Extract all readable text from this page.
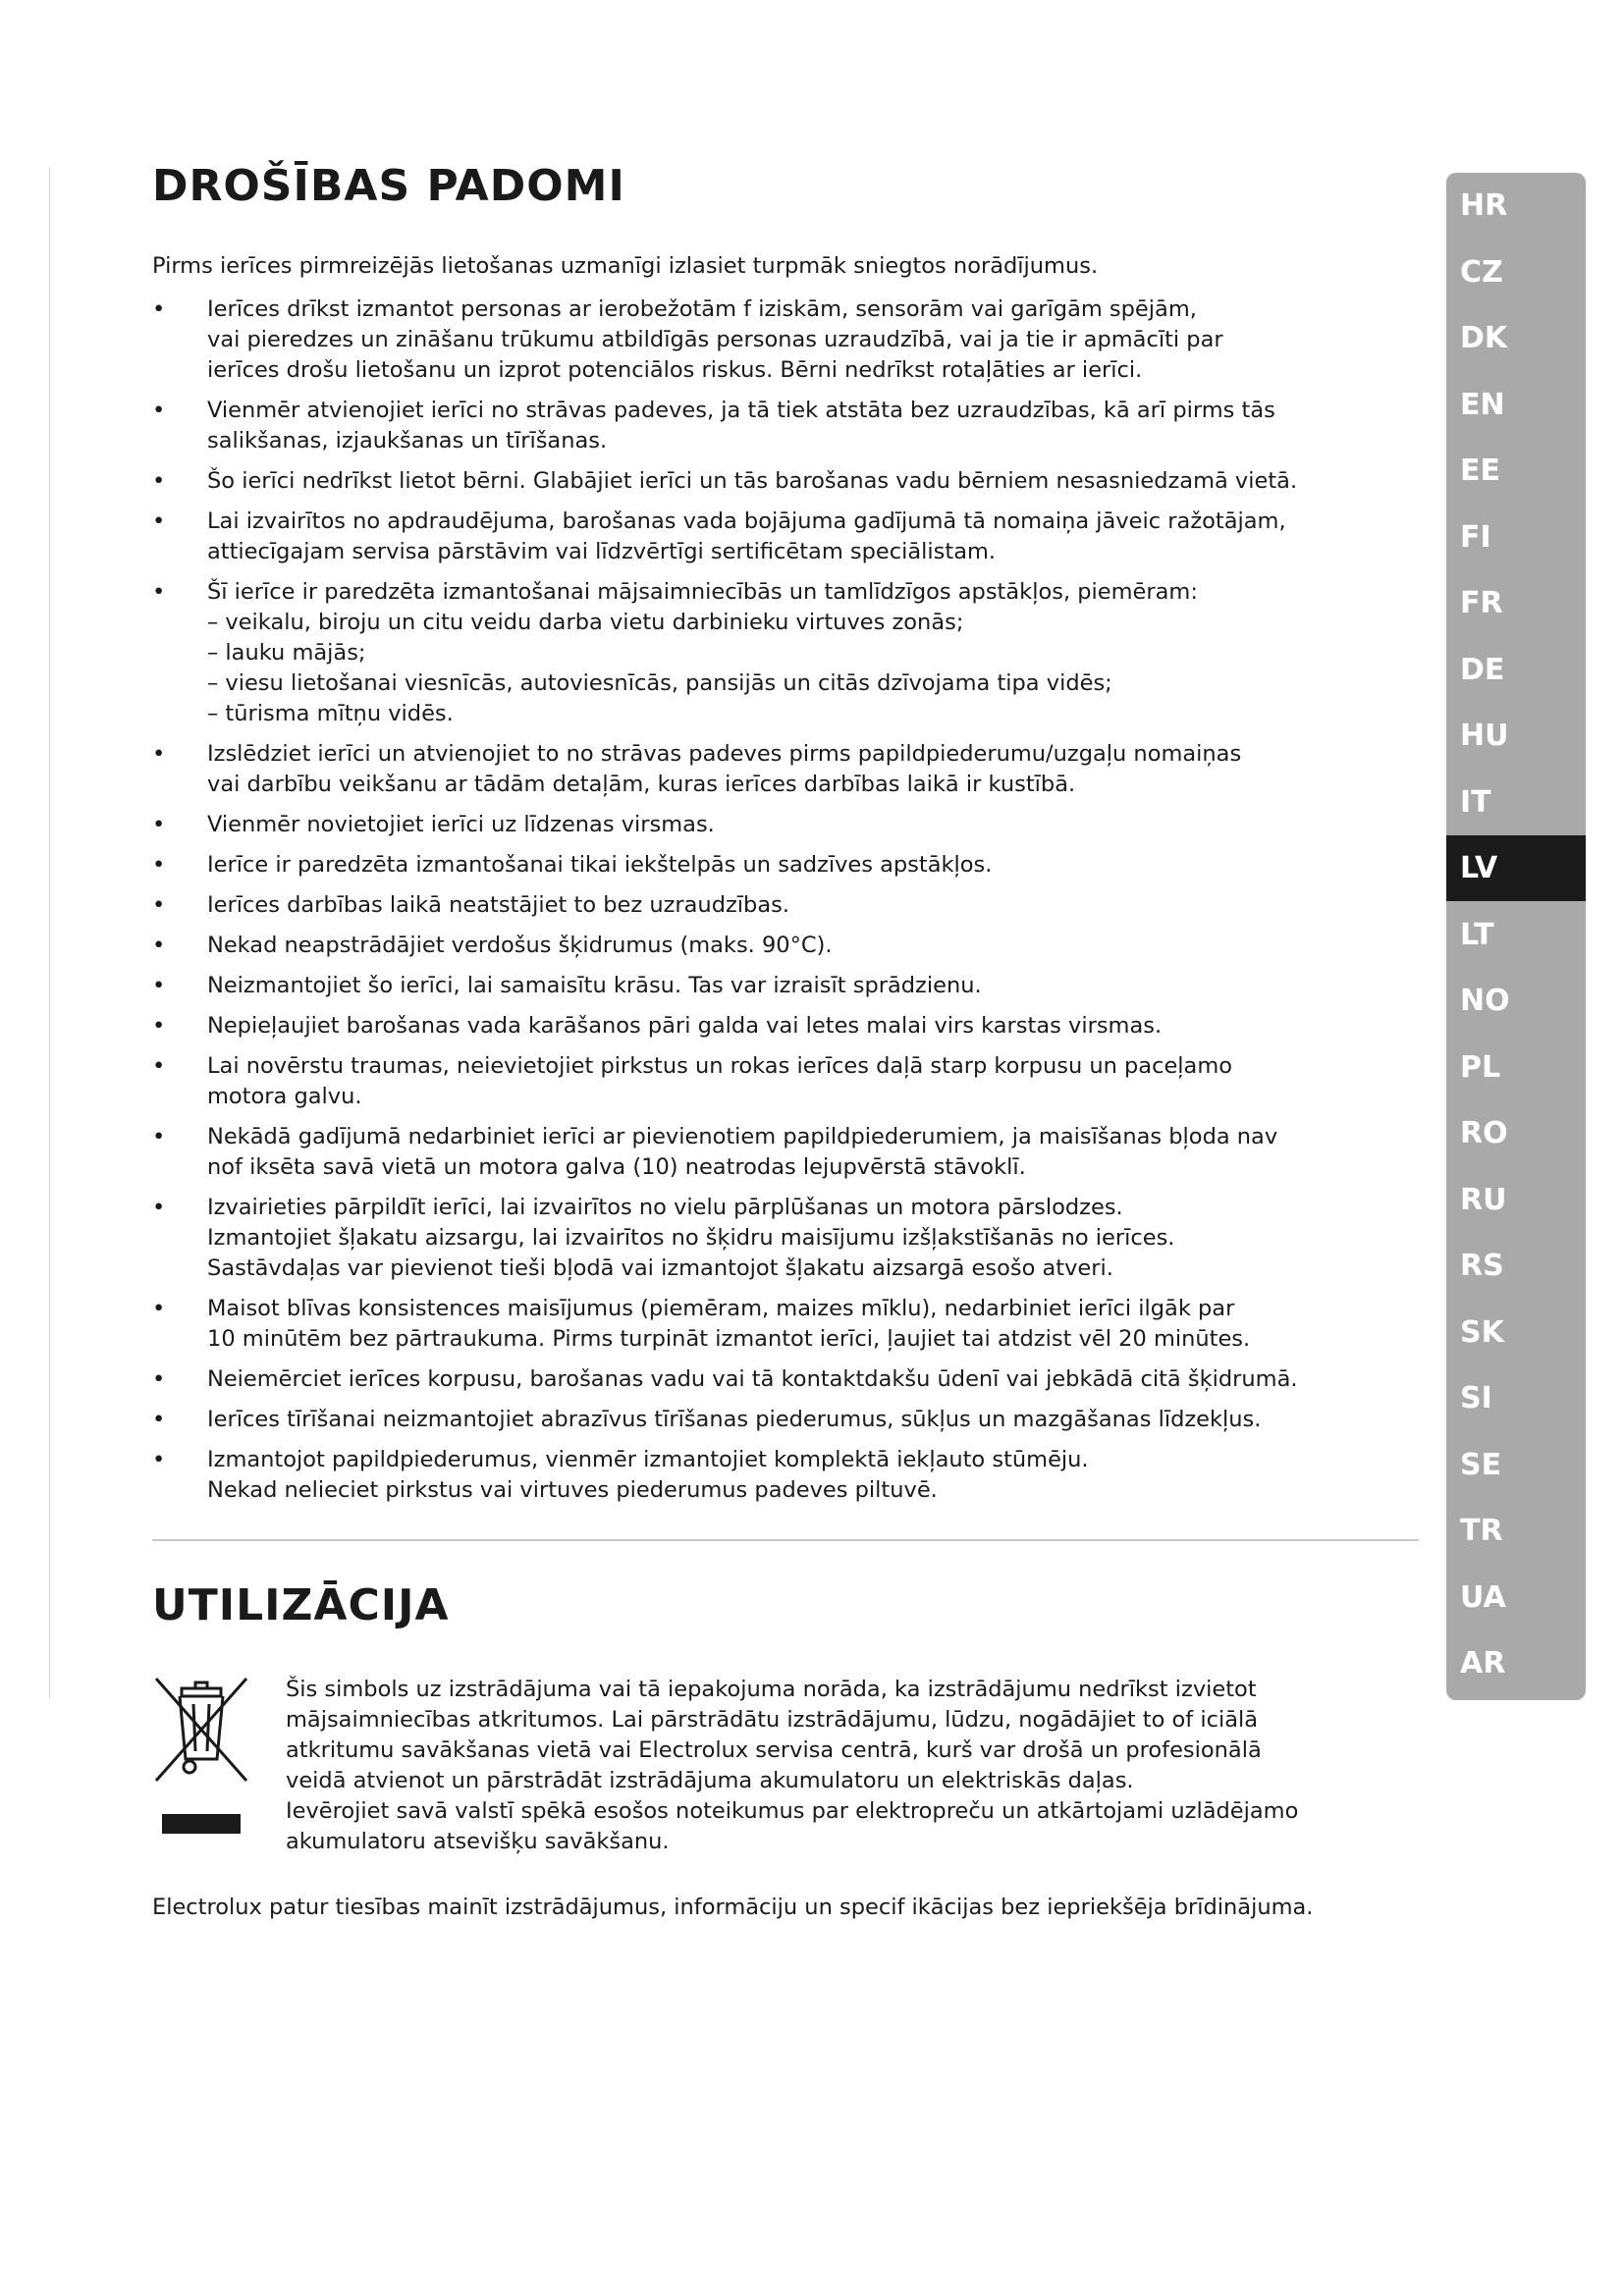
DROŠĪBAS PADOMI

Pirms ierīces pirmreizējās lietošanas uzmanīgi izlasiet turpmāk sniegtos norādījumus.

• Ierīces drīkst izmantot personas ar ierobežotām f iziskām, sensorām vai garīgām spējām,
vai pieredzes un zināšanu trūkumu atbildīgās personas uzraudzībā, vai ja tie ir apmācīti par
ierīces drošu lietošanu un izprot potenciālos riskus. Bērni nedrīkst rotaļāties ar ierīci.
• Vienmēr atvienojiet ierīci no strāvas padeves, ja tā tiek atstāta bez uzraudzības, kā arī pirms tās
salikšanas, izjaukšanas un tīrīšanas.
• Šo ierīci nedrīkst lietot bērni. Glabājiet ierīci un tās barošanas vadu bērniem nesasniedzamā vietā.
• Lai izvairītos no apdraudējuma, barošanas vada bojājuma gadījumā tā nomaiņa jāveic ražotājam,
attiecīgajam servisa pārstāvim vai līdzvērtīgi sertificētam speciālistam.
• Šī ierīce ir paredzēta izmantošanai mājsaimniecībās un tamlīdzīgos apstākļos, piemēram:
– veikalu, biroju un citu veidu darba vietu darbinieku virtuves zonās;
– lauku mājās;
– viesu lietošanai viesnīcās, autoviesnīcās, pansijās un citās dzīvojama tipa vidēs;
– tūrisma mītņu vidēs.
• Izslēdziet ierīci un atvienojiet to no strāvas padeves pirms papildpiederumu/uzgaļu nomaiņas
vai darbību veikšanu ar tādām detaļām, kuras ierīces darbības laikā ir kustībā.
• Vienmēr novietojiet ierīci uz līdzenas virsmas.
• Ierīce ir paredzēta izmantošanai tikai iekštelpās un sadzīves apstākļos.
• Ierīces darbības laikā neatstājiet to bez uzraudzības.
• Nekad neapstrādājiet verdošus šķidrumus (maks. 90°C).
• Neizmantojiet šo ierīci, lai samaisītu krāsu. Tas var izraisīt sprādzienu.
• Nepieļaujiet barošanas vada karāšanos pāri galda vai letes malai virs karstas virsmas.
• Lai novērstu traumas, neievietojiet pirkstus un rokas ierīces daļā starp korpusu un paceļamo
motora galvu.
• Nekādā gadījumā nedarbiniet ierīci ar pievienotiem papildpiederumiem, ja maisīšanas bļoda nav
nof iksēta savā vietā un motora galva (10) neatrodas lejupvērstā stāvoklī.
• Izvairieties pārpildīt ierīci, lai izvairītos no vielu pārplūšanas un motora pārslodzes.
Izmantojiet šļakatu aizsargu, lai izvairītos no šķidru maisījumu izšļakstīšanās no ierīces.
Sastāvdaļas var pievienot tieši bļodā vai izmantojot šļakatu aizsargā esošo atveri.
• Maisot blīvas konsistences maisījumus (piemēram, maizes mīklu), nedarbiniet ierīci ilgāk par
10 minūtēm bez pārtraukuma. Pirms turpināt izmantot ierīci, ļaujiet tai atdzist vēl 20 minūtes.
• Neiemērciet ierīces korpusu, barošanas vadu vai tā kontaktdakšu ūdenī vai jebkādā citā šķidrumā.
• Ierīces tīrīšanai neizmantojiet abrazīvus tīrīšanas piederumus, sūkļus un mazgāšanas līdzekļus.
• Izmantojot papildpiederumus, vienmēr izmantojiet komplektā iekļauto stūmēju.
Nekad nelieciet pirkstus vai virtuves piederumus padeves piltuvē.
UTILIZĀCIJA
Šis simbols uz izstrādājuma vai tā iepakojuma norāda, ka izstrādājumu nedrīkst izvietot
mājsaimniecības atkritumos. Lai pārstrādātu izstrādājumu, lūdzu, nogādājiet to of iciālā
atkritumu savākšanas vietā vai Electrolux servisa centrā, kurš var drošā un profesionālā
veidā atvienot un pārstrādāt izstrādājuma akumulatoru un elektriskās daļas.
Ievērojiet savā valstī spēkā esošos noteikumus par elektropreču un atkārtojami uzlādējamo
akumulatoru atsevišķu savākšanu.

Electrolux patur tiesības mainīt izstrādājumus, informāciju un specif ikācijas bez iepriekšēja brīdinājuma.

HR
CZ
DK
EN
EE
FI
FR
DE
HU
IT
LV
LT
NO
PL
RO
RU
RS
SK
SI
SE
TR
UA
AR
